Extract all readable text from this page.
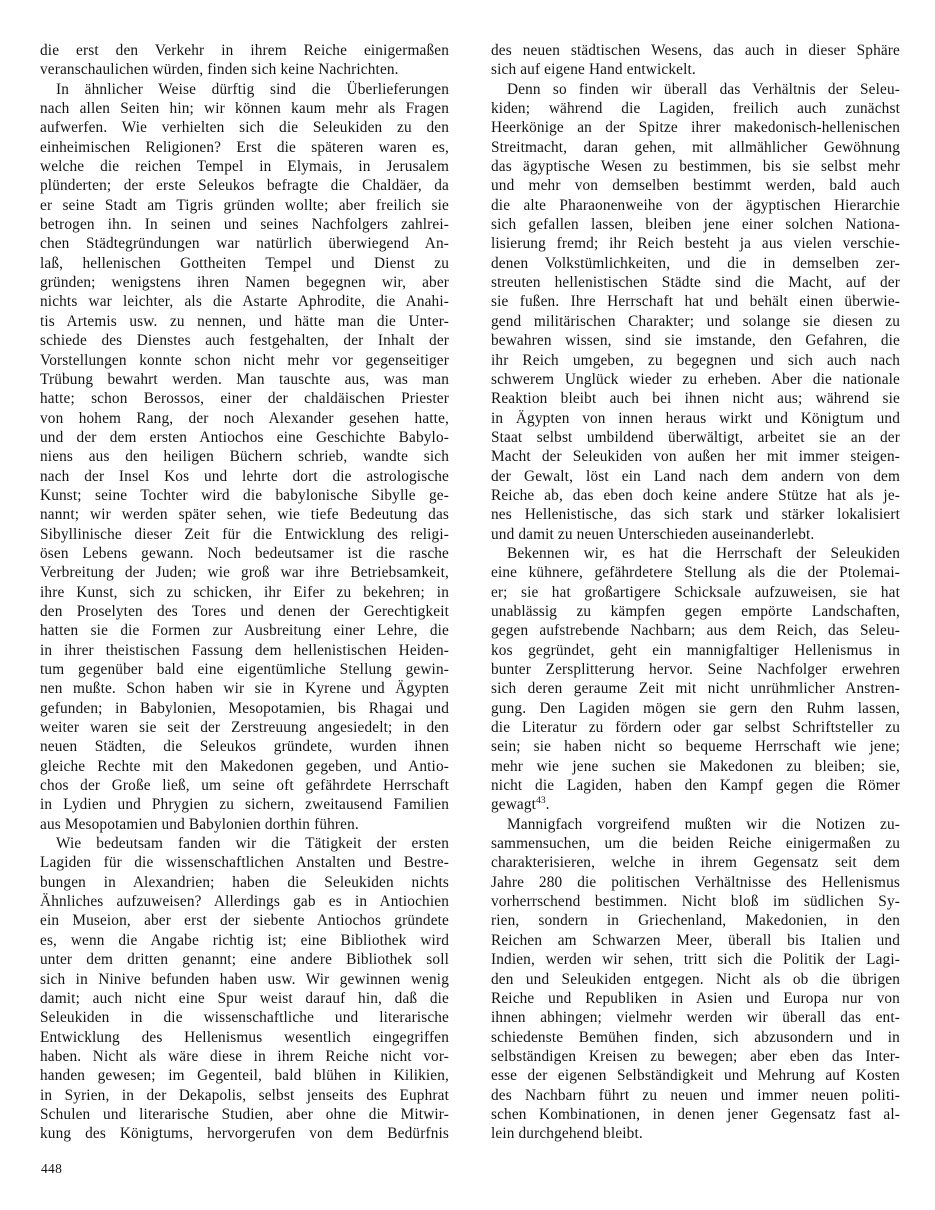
die erst den Verkehr in ihrem Reiche einigermaßen
veranschaulichen würden, finden sich keine Nachrichten.
In ähnlicher Weise dürftig sind die Überlieferungen
nach allen Seiten hin; wir können kaum mehr als Fragen
aufwerfen. Wie verhielten sich die Seleukiden zu den
einheimischen Religionen? Erst die späteren waren es,
welche die reichen Tempel in Elymais, in Jerusalem
plünderten; der erste Seleukos befragte die Chaldäer, da
er seine Stadt am Tigris gründen wollte; aber freilich sie
betrogen ihn. In seinen und seines Nachfolgers zahlrei-
chen Städtegründungen war natürlich überwiegend An-
laß, hellenischen Gottheiten Tempel und Dienst zu
gründen; wenigstens ihren Namen begegnen wir, aber
nichts war leichter, als die Astarte Aphrodite, die Anahi-
tis Artemis usw. zu nennen, und hätte man die Unter-
schiede des Dienstes auch festgehalten, der Inhalt der
Vorstellungen konnte schon nicht mehr vor gegenseitiger
Trübung bewahrt werden. Man tauschte aus, was man
hatte; schon Berossos, einer der chaldäischen Priester
von hohem Rang, der noch Alexander gesehen hatte,
und der dem ersten Antiochos eine Geschichte Babylo-
niens aus den heiligen Büchern schrieb, wandte sich
nach der Insel Kos und lehrte dort die astrologische
Kunst; seine Tochter wird die babylonische Sibylle ge-
nannt; wir werden später sehen, wie tiefe Bedeutung das
Sibyllinische dieser Zeit für die Entwicklung des religi-
ösen Lebens gewann. Noch bedeutsamer ist die rasche
Verbreitung der Juden; wie groß war ihre Betriebsamkeit,
ihre Kunst, sich zu schicken, ihr Eifer zu bekehren; in
den Proselyten des Tores und denen der Gerechtigkeit
hatten sie die Formen zur Ausbreitung einer Lehre, die
in ihrer theistischen Fassung dem hellenistischen Heiden-
tum gegenüber bald eine eigentümliche Stellung gewin-
nen mußte. Schon haben wir sie in Kyrene und Ägypten
gefunden; in Babylonien, Mesopotamien, bis Rhagai und
weiter waren sie seit der Zerstreuung angesiedelt; in den
neuen Städten, die Seleukos gründete, wurden ihnen
gleiche Rechte mit den Makedonen gegeben, und Antio-
chos der Große ließ, um seine oft gefährdete Herrschaft
in Lydien und Phrygien zu sichern, zweitausend Familien
aus Mesopotamien und Babylonien dorthin führen.
Wie bedeutsam fanden wir die Tätigkeit der ersten
Lagiden für die wissenschaftlichen Anstalten und Bestre-
bungen in Alexandrien; haben die Seleukiden nichts
Ähnliches aufzuweisen? Allerdings gab es in Antiochien
ein Museion, aber erst der siebente Antiochos gründete
es, wenn die Angabe richtig ist; eine Bibliothek wird
unter dem dritten genannt; eine andere Bibliothek soll
sich in Ninive befunden haben usw. Wir gewinnen wenig
damit; auch nicht eine Spur weist darauf hin, daß die
Seleukiden in die wissenschaftliche und literarische
Entwicklung des Hellenismus wesentlich eingegriffen
haben. Nicht als wäre diese in ihrem Reiche nicht vor-
handen gewesen; im Gegenteil, bald blühen in Kilikien,
in Syrien, in der Dekapolis, selbst jenseits des Euphrat
Schulen und literarische Studien, aber ohne die Mitwir-
kung des Königtums, hervorgerufen von dem Bedürfnis
des neuen städtischen Wesens, das auch in dieser Sphäre
sich auf eigene Hand entwickelt.
Denn so finden wir überall das Verhältnis der Seleu-
kiden; während die Lagiden, freilich auch zunächst
Heerkönige an der Spitze ihrer makedonisch-hellenischen
Streitmacht, daran gehen, mit allmählicher Gewöhnung
das ägyptische Wesen zu bestimmen, bis sie selbst mehr
und mehr von demselben bestimmt werden, bald auch
die alte Pharaonenweihe von der ägyptischen Hierarchie
sich gefallen lassen, bleiben jene einer solchen Nationa-
lisierung fremd; ihr Reich besteht ja aus vielen verschie-
denen Volkstümlichkeiten, und die in demselben zer-
streuten hellenistischen Städte sind die Macht, auf der
sie fußen. Ihre Herrschaft hat und behält einen überwie-
gend militärischen Charakter; und solange sie diesen zu
bewahren wissen, sind sie imstande, den Gefahren, die
ihr Reich umgeben, zu begegnen und sich auch nach
schwerem Unglück wieder zu erheben. Aber die nationale
Reaktion bleibt auch bei ihnen nicht aus; während sie
in Ägypten von innen heraus wirkt und Königtum und
Staat selbst umbildend überwältigt, arbeitet sie an der
Macht der Seleukiden von außen her mit immer steigen-
der Gewalt, löst ein Land nach dem andern von dem
Reiche ab, das eben doch keine andere Stütze hat als je-
nes Hellenistische, das sich stark und stärker lokalisiert
und damit zu neuen Unterschieden auseinanderlebt.
Bekennen wir, es hat die Herrschaft der Seleukiden
eine kühnere, gefährdetere Stellung als die der Ptolemai-
er; sie hat großartigere Schicksale aufzuweisen, sie hat
unablässig zu kämpfen gegen empörte Landschaften,
gegen aufstrebende Nachbarn; aus dem Reich, das Seleu-
kos gegründet, geht ein mannigfaltiger Hellenismus in
bunter Zersplitterung hervor. Seine Nachfolger erwehren
sich deren geraume Zeit mit nicht unrühmlicher Anstren-
gung. Den Lagiden mögen sie gern den Ruhm lassen,
die Literatur zu fördern oder gar selbst Schriftsteller zu
sein; sie haben nicht so bequeme Herrschaft wie jene;
mehr wie jene suchen sie Makedonen zu bleiben; sie,
nicht die Lagiden, haben den Kampf gegen die Römer
gewagt$^{43}$.
Mannigfach vorgreifend mußten wir die Notizen zu-
sammensuchen, um die beiden Reiche einigermaßen zu
charakterisieren, welche in ihrem Gegensatz seit dem
Jahre 280 die politischen Verhältnisse des Hellenismus
vorherrschend bestimmen. Nicht bloß im südlichen Sy-
rien, sondern in Griechenland, Makedonien, in den
Reichen am Schwarzen Meer, überall bis Italien und
Indien, werden wir sehen, tritt sich die Politik der Lagi-
den und Seleukiden entgegen. Nicht als ob die übrigen
Reiche und Republiken in Asien und Europa nur von
ihnen abhingen; vielmehr werden wir überall das ent-
schiedenste Bemühen finden, sich abzusondern und in
selbständigen Kreisen zu bewegen; aber eben das Inter-
esse der eigenen Selbständigkeit und Mehrung auf Kosten
des Nachbarn führt zu neuen und immer neuen politi-
schen Kombinationen, in denen jener Gegensatz fast al-
lein durchgehend bleibt.
448
